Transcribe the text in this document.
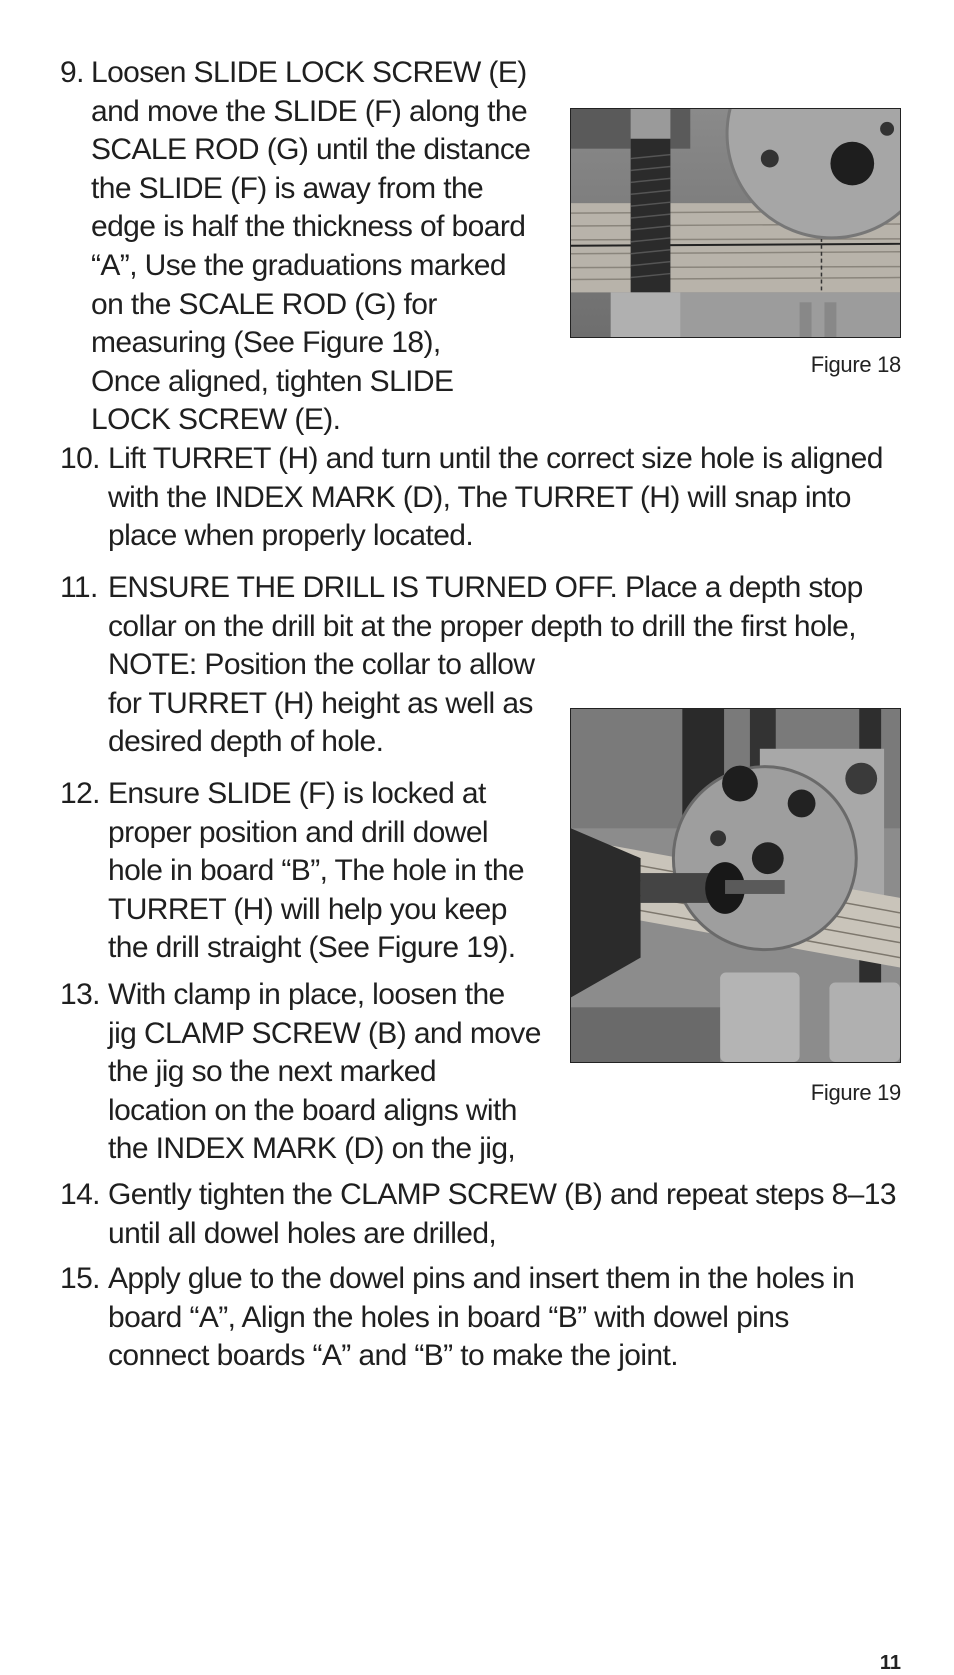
9. Loosen SLIDE LOCK SCREW (E)
and move the SLIDE (F) along the
SCALE ROD (G) until the distance
the SLIDE (F) is away from the
edge is half the thickness of board
“A”, Use the graduations marked
on the SCALE ROD (G) for
measuring (See Figure 18),
Once aligned, tighten SLIDE
LOCK SCREW (E).
10. Lift TURRET (H) and turn until the correct size hole is aligned
with the INDEX MARK (D), The TURRET (H) will snap into
place when properly located.
11. ENSURE THE DRILL IS TURNED OFF. Place a depth stop
collar on the drill bit at the proper depth to drill the first hole,
NOTE: Position the collar to allow
for TURRET (H) height as well as
desired depth of hole.
12. Ensure SLIDE (F) is locked at
proper position and drill dowel
hole in board “B”, The hole in the
TURRET (H) will help you keep
the drill straight (See Figure 19).
13. With clamp in place, loosen the
jig CLAMP SCREW (B) and move
the jig so the next marked
location on the board aligns with
the INDEX MARK (D) on the jig,
14. Gently tighten the CLAMP SCREW (B) and repeat steps 8–13
until all dowel holes are drilled,
15. Apply glue to the dowel pins and insert them in the holes in
board “A”, Align the holes in board “B” with dowel pins
connect boards “A” and “B” to make the joint.
Figure 18
Figure 19
11
